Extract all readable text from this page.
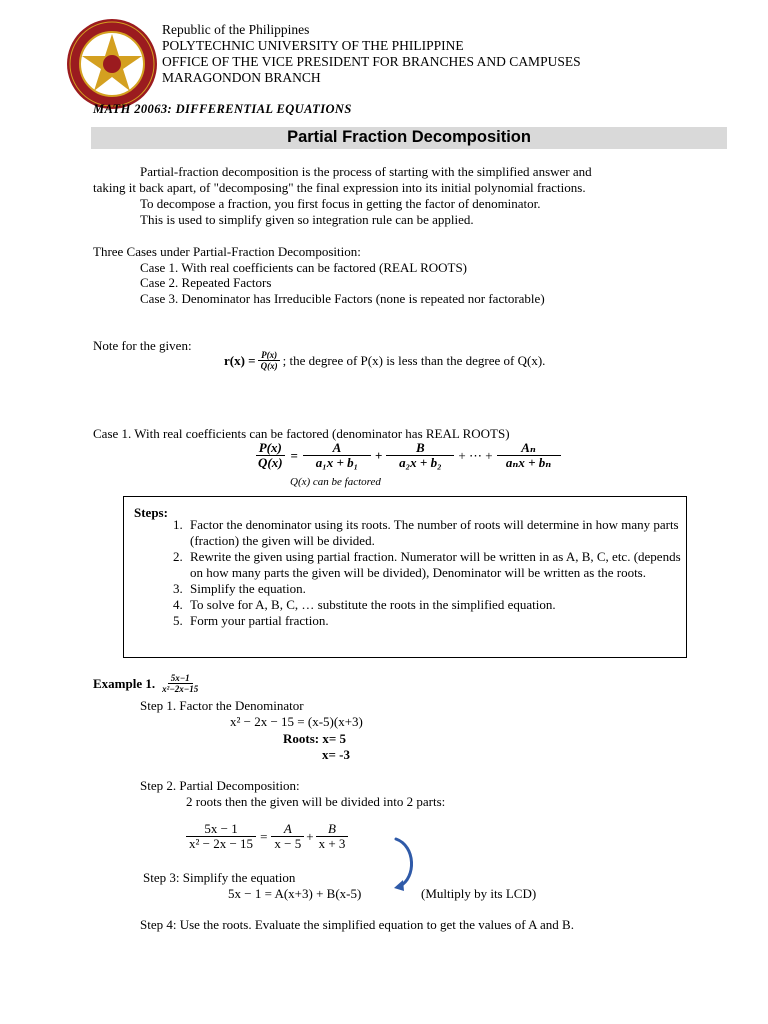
Republic of the Philippines
POLYTECHNIC UNIVERSITY OF THE PHILIPPINE
OFFICE OF THE VICE PRESIDENT FOR BRANCHES AND CAMPUSES
MARAGONDON BRANCH
MATH 20063: DIFFERENTIAL EQUATIONS
Partial Fraction Decomposition
Partial-fraction decomposition is the process of starting with the simplified answer and
taking it back apart, of "decomposing" the final expression into its initial polynomial fractions.
To decompose a fraction, you first focus in getting the factor of denominator.
This is used to simplify given so integration rule can be applied.
Three Cases under Partial-Fraction Decomposition:
Case 1. With real coefficients can be factored (REAL ROOTS)
Case 2. Repeated Factors
Case 3. Denominator has Irreducible Factors (none is repeated nor factorable)
Note for the given:
$r(x) = \frac{P(x)}{Q(x)}$ ; the degree of P(x) is less than the degree of Q(x).
Case 1. With real coefficients can be factored (denominator has REAL ROOTS)
$\frac{P(x)}{Q(x)} = \frac{A}{\text{a₁x + b₁}} + \frac{B}{\text{a₂x + b₂}}$ + ⋯ + $\frac{\text{Aₙ}}{\text{aₙx + bₙ}}$
Q(x) can be factored
Steps:
1. Factor the denominator using its roots. The number of roots will determine in how many parts (fraction) the given will be divided.
2. Rewrite the given using partial fraction. Numerator will be written in as A, B, C, etc. (depends on how many parts the given will be divided), Denominator will be written as the roots.
3. Simplify the equation.
4. To solve for A, B, C, … substitute the roots in the simplified equation.
5. Form your partial fraction.
Example 1. $\frac{5x-1}{\text{x²−2x−15}}$
Step 1. Factor the Denominator
x² − 2x − 15 = (x-5)(x+3)
Roots: x= 5
x= -3
Step 2. Partial Decomposition:
2 roots then the given will be divided into 2 parts:
$\frac{5x - 1}{\text{x² − 2x − 15}} = \frac{A}{x - 5} + \frac{B}{x + 3}$
Step 3: Simplify the equation
5x − 1 = A(x+3) + B(x-5)	(Multiply by its LCD)
Step 4: Use the roots. Evaluate the simplified equation to get the values of A and B.
